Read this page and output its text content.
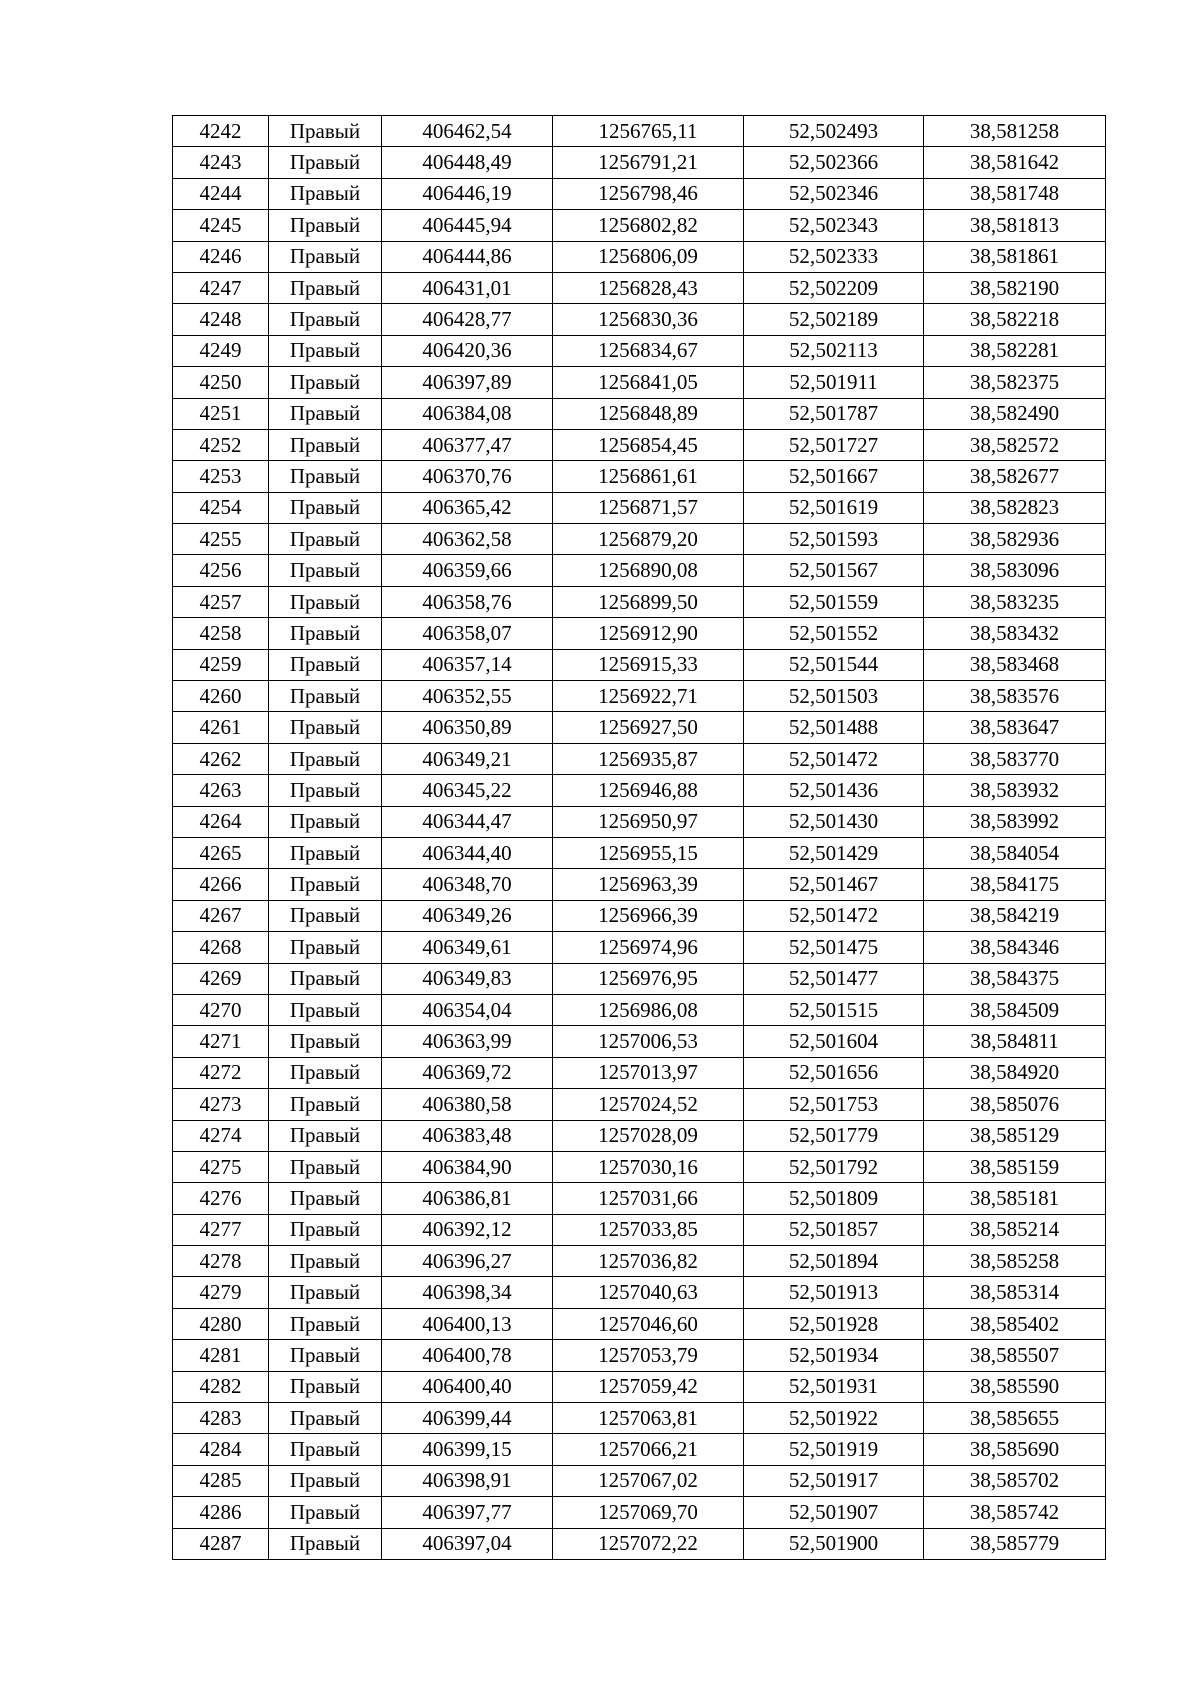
4242	Правый	406462,54	1256765,11	52,502493	38,581258
4243	Правый	406448,49	1256791,21	52,502366	38,581642
4244	Правый	406446,19	1256798,46	52,502346	38,581748
4245	Правый	406445,94	1256802,82	52,502343	38,581813
4246	Правый	406444,86	1256806,09	52,502333	38,581861
4247	Правый	406431,01	1256828,43	52,502209	38,582190
4248	Правый	406428,77	1256830,36	52,502189	38,582218
4249	Правый	406420,36	1256834,67	52,502113	38,582281
4250	Правый	406397,89	1256841,05	52,501911	38,582375
4251	Правый	406384,08	1256848,89	52,501787	38,582490
4252	Правый	406377,47	1256854,45	52,501727	38,582572
4253	Правый	406370,76	1256861,61	52,501667	38,582677
4254	Правый	406365,42	1256871,57	52,501619	38,582823
4255	Правый	406362,58	1256879,20	52,501593	38,582936
4256	Правый	406359,66	1256890,08	52,501567	38,583096
4257	Правый	406358,76	1256899,50	52,501559	38,583235
4258	Правый	406358,07	1256912,90	52,501552	38,583432
4259	Правый	406357,14	1256915,33	52,501544	38,583468
4260	Правый	406352,55	1256922,71	52,501503	38,583576
4261	Правый	406350,89	1256927,50	52,501488	38,583647
4262	Правый	406349,21	1256935,87	52,501472	38,583770
4263	Правый	406345,22	1256946,88	52,501436	38,583932
4264	Правый	406344,47	1256950,97	52,501430	38,583992
4265	Правый	406344,40	1256955,15	52,501429	38,584054
4266	Правый	406348,70	1256963,39	52,501467	38,584175
4267	Правый	406349,26	1256966,39	52,501472	38,584219
4268	Правый	406349,61	1256974,96	52,501475	38,584346
4269	Правый	406349,83	1256976,95	52,501477	38,584375
4270	Правый	406354,04	1256986,08	52,501515	38,584509
4271	Правый	406363,99	1257006,53	52,501604	38,584811
4272	Правый	406369,72	1257013,97	52,501656	38,584920
4273	Правый	406380,58	1257024,52	52,501753	38,585076
4274	Правый	406383,48	1257028,09	52,501779	38,585129
4275	Правый	406384,90	1257030,16	52,501792	38,585159
4276	Правый	406386,81	1257031,66	52,501809	38,585181
4277	Правый	406392,12	1257033,85	52,501857	38,585214
4278	Правый	406396,27	1257036,82	52,501894	38,585258
4279	Правый	406398,34	1257040,63	52,501913	38,585314
4280	Правый	406400,13	1257046,60	52,501928	38,585402
4281	Правый	406400,78	1257053,79	52,501934	38,585507
4282	Правый	406400,40	1257059,42	52,501931	38,585590
4283	Правый	406399,44	1257063,81	52,501922	38,585655
4284	Правый	406399,15	1257066,21	52,501919	38,585690
4285	Правый	406398,91	1257067,02	52,501917	38,585702
4286	Правый	406397,77	1257069,70	52,501907	38,585742
4287	Правый	406397,04	1257072,22	52,501900	38,585779
